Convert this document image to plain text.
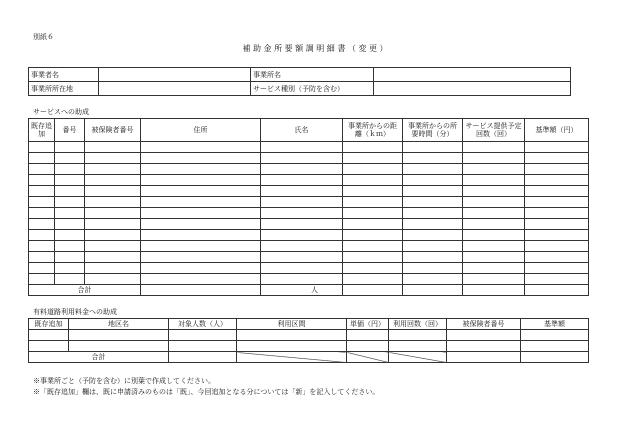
別紙６
補 助 金 所 要 額 調 明 細 書 （ 変 更 ）
事業者名		事業所名	
事業所所在地		サービス種別（予防を含む）	
サービスへの助成
既存追加	番号	被保険者番号	住所	氏名	事業所からの距離（ｋｍ）	事業所からの所要時間（分）	サービス提供予定回数（回）	基準額（円）

合計				人				
有料道路利用料金への助成
既存追加	地区名	対象人数（人）	利用区間	単価（円）	利用回数（回）	被保険者番号	基準額

合計							
※事業所ごと（予防を含む）に別葉で作成してください。
※「既存追加」欄は、既に申請済みのものは「既」、今回追加となる分については「新」を記入してください。
